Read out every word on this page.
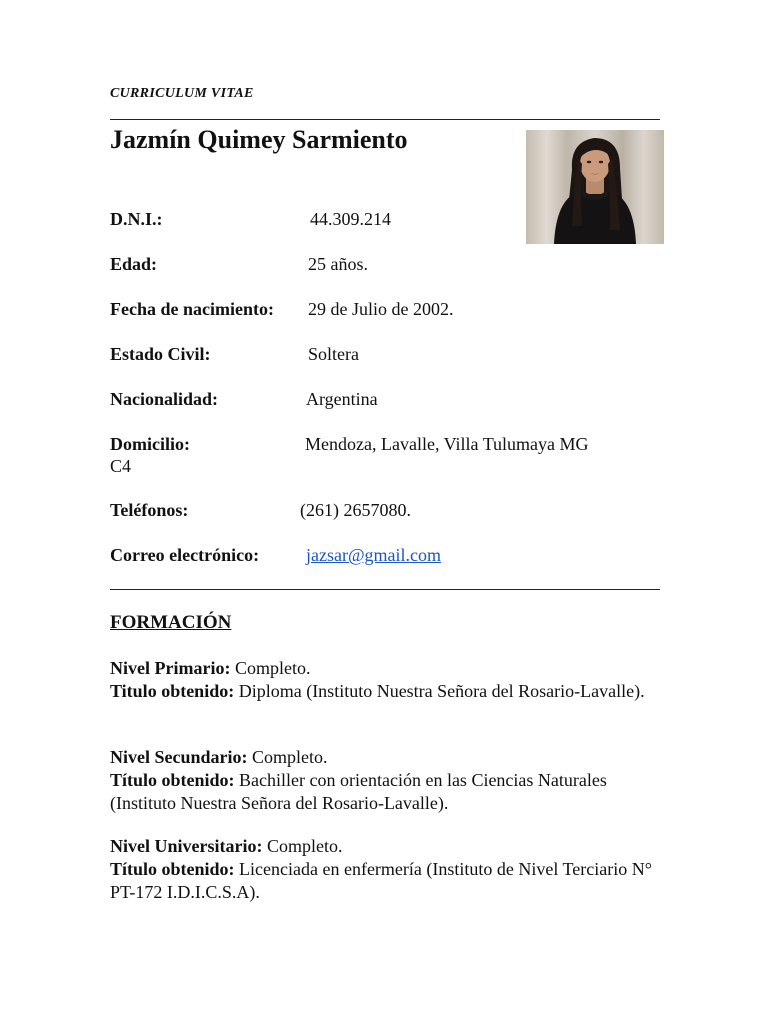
CURRICULUM VITAE
Jazmín Quimey Sarmiento
D.N.I.:	44.309.214
Edad:	25 años.
Fecha de nacimiento: 29 de Julio de 2002.
Estado Civil:	Soltera
Nacionalidad:	Argentina
Domicilio:	Mendoza, Lavalle, Villa Tulumaya MG
C4
Teléfonos:	(261) 2657080.
Correo electrónico:	jazsar@gmail.com
FORMACIÓN
Nivel Primario: Completo.
Titulo obtenido: Diploma (Instituto Nuestra Señora del Rosario-Lavalle).
Nivel Secundario: Completo.
Título obtenido: Bachiller con orientación en las Ciencias Naturales (Instituto Nuestra Señora del Rosario-Lavalle).
Nivel Universitario: Completo.
Título obtenido: Licenciada en enfermería (Instituto de Nivel Terciario N° PT-172 I.D.I.C.S.A).
